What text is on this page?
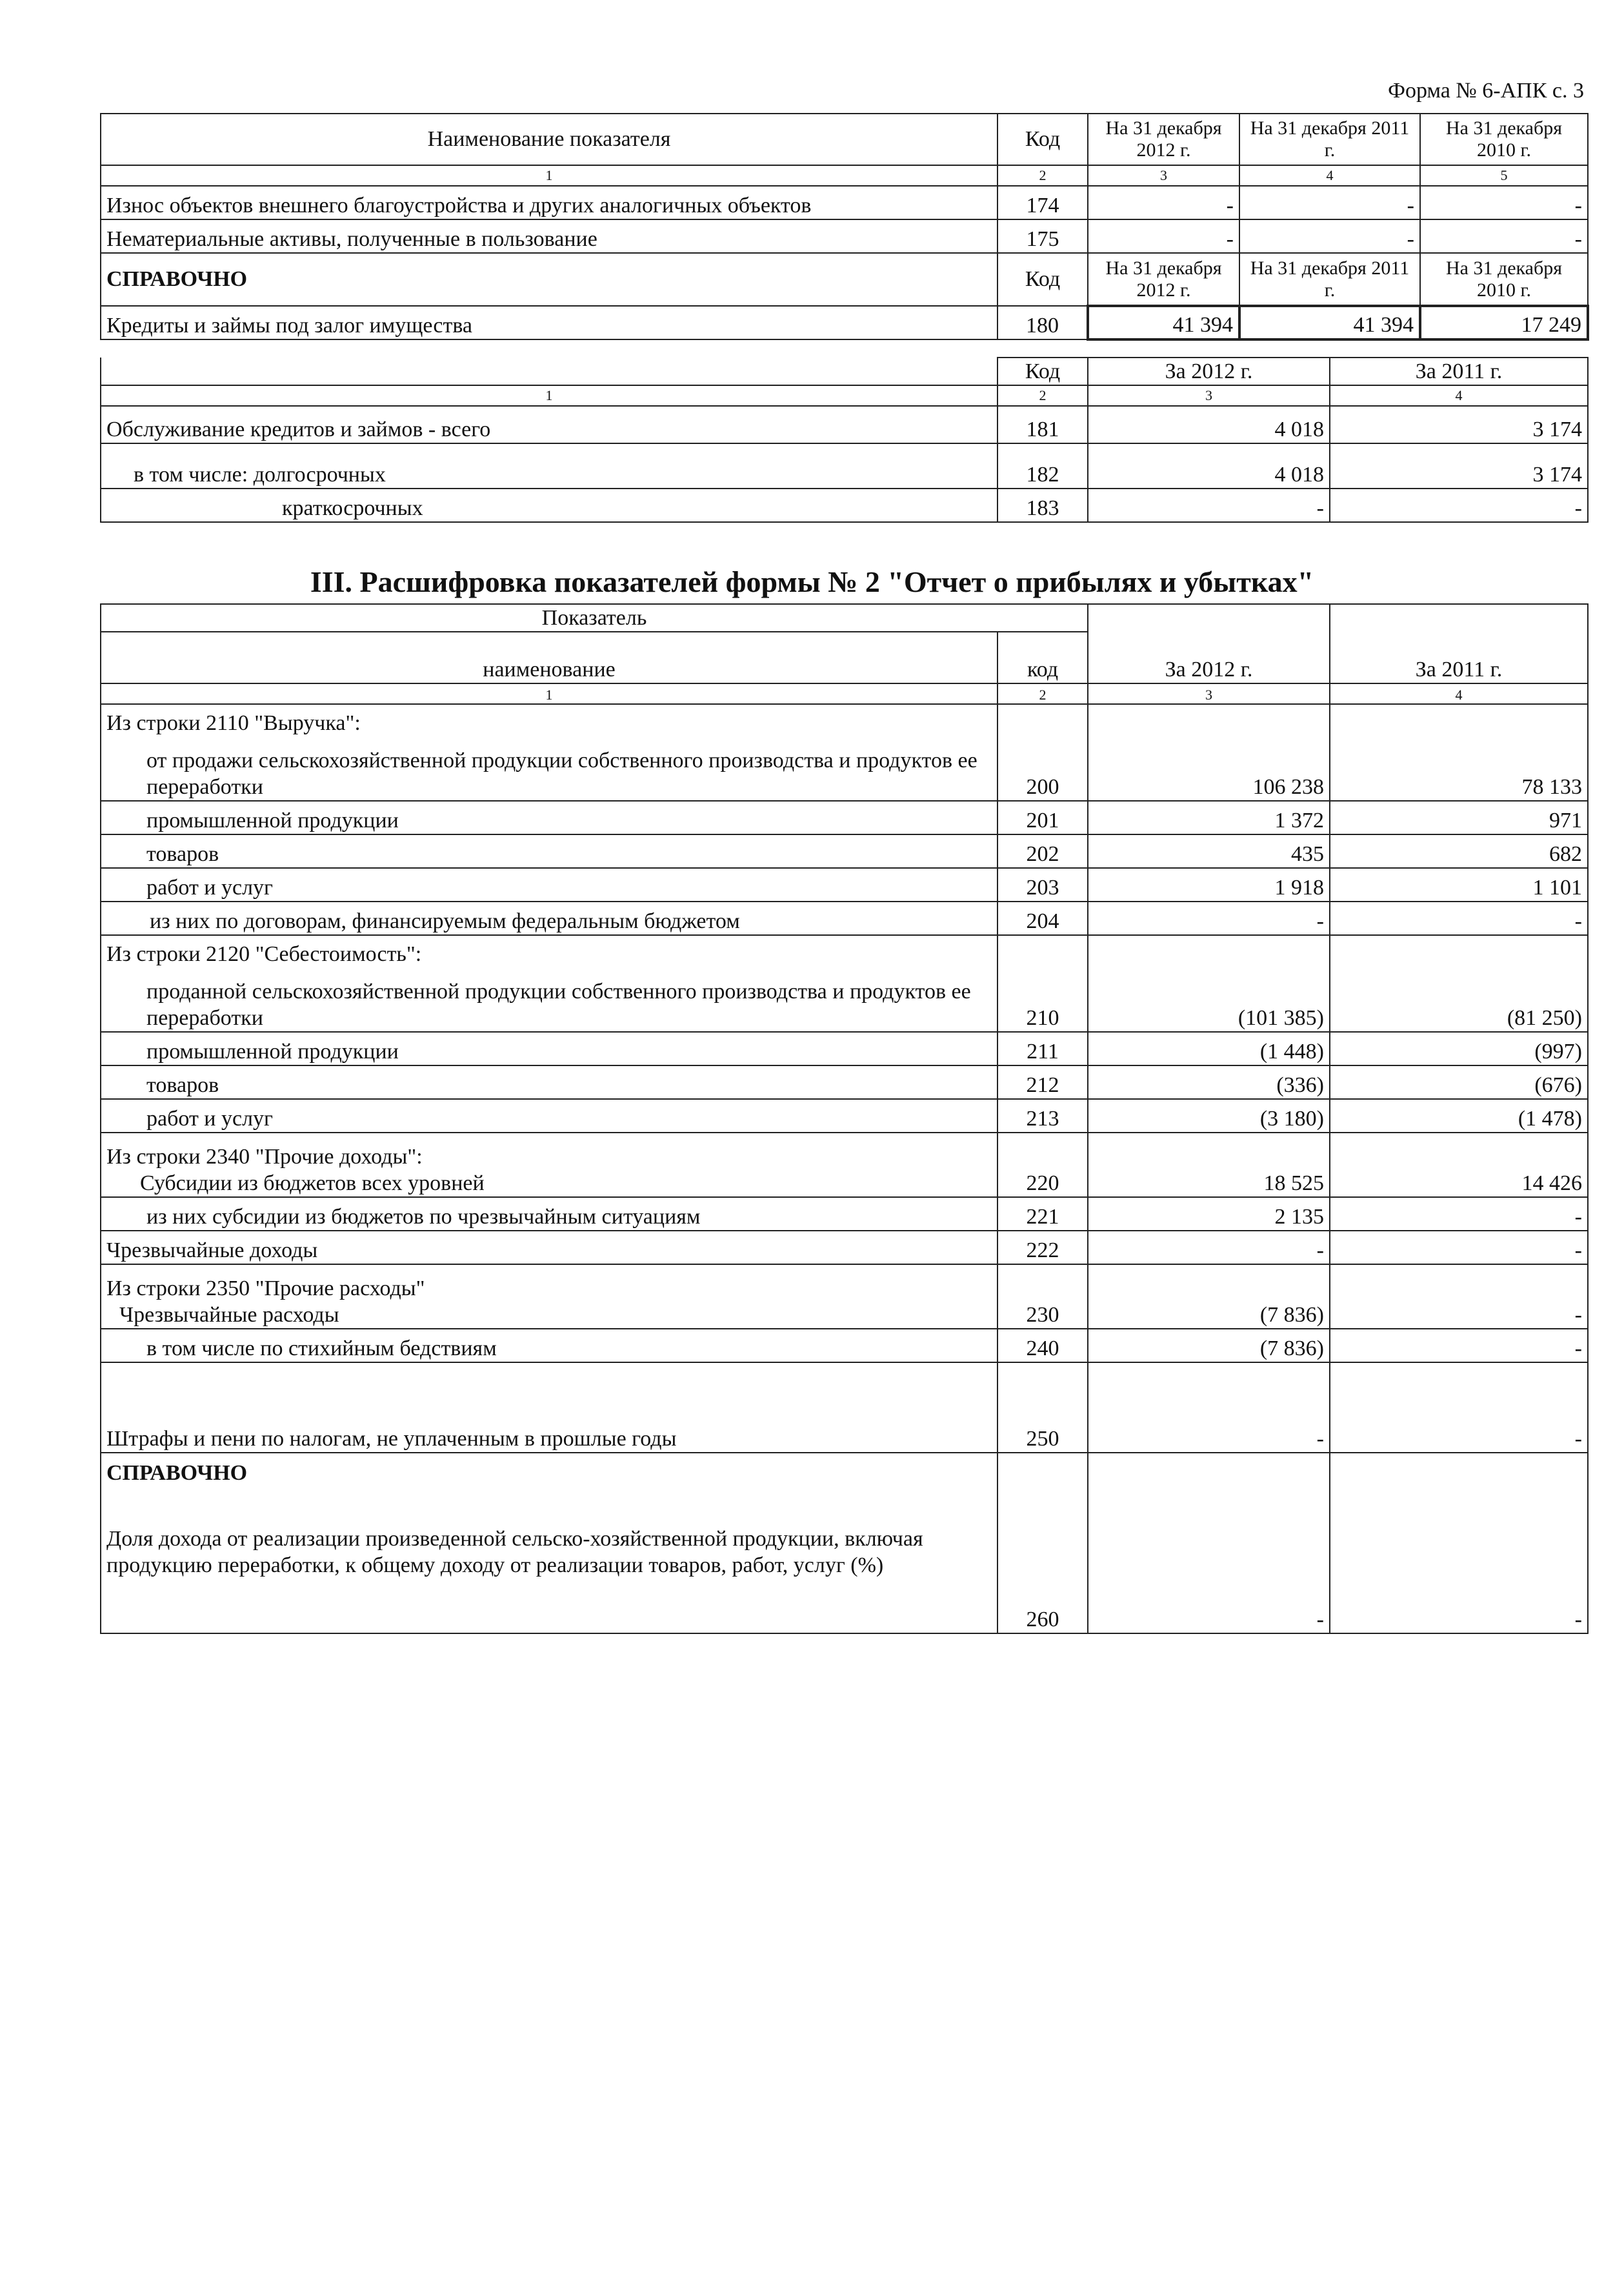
Форма № 6-АПК с. 3
Наименование показателя	Код	На 31 декабря 2012 г.	На 31 декабря 2011 г.	На 31 декабря 2010 г.
1	2	3	4	5
Износ объектов внешнего благоустройства и других аналогичных объектов	174	-	-	-
Нематериальные активы, полученные в пользование	175	-	-	-
СПРАВОЧНО	Код	На 31 декабря 2012 г.	На 31 декабря 2011 г.	На 31 декабря 2010 г.
Кредиты и займы под залог имущества	180	41 394	41 394	17 249
	Код	За 2012 г.	За 2011 г.
1	2	3	4
Обслуживание кредитов и займов - всего	181	4 018	3 174
в том числе: долгосрочных	182	4 018	3 174
краткосрочных	183	-	-
III. Расшифровка показателей формы № 2 "Отчет о прибылях и убытках"
Показатель		За 2012 г.	За 2011 г.
наименование	код		
1	2	3	4
Из строки 2110 "Выручка":			
от продажи сельскохозяйственной продукции собственного производства и продуктов ее переработки	200	106 238	78 133
промышленной продукции	201	1 372	971
товаров	202	435	682
работ и услуг	203	1 918	1 101
из них по договорам, финансируемым федеральным бюджетом	204	-	-
Из строки 2120 "Себестоимость":			
проданной сельскохозяйственной продукции собственного производства и продуктов ее переработки	210	(101 385)	(81 250)
промышленной продукции	211	(1 448)	(997)
товаров	212	(336)	(676)
работ и услуг	213	(3 180)	(1 478)

Из строки 2340 "Прочие доходы":
Субсидии из бюджетов всех уровней	220	18 525	14 426
из них субсидии из бюджетов по чрезвычайным ситуациям	221	2 135	-
Чрезвычайные доходы	222	-	-

Из строки 2350 "Прочие расходы"
Чрезвычайные расходы	230	(7 836)	-
в том числе по стихийным бедствиям	240	(7 836)	-
Штрафы и пени по налогам, не уплаченным в прошлые годы	250	-	-

СПРАВОЧНО
Доля дохода от реализации произведенной сельско-хозяйственной продукции, включая продукцию переработки, к общему доходу от реализации товаров, работ, услуг (%)	260	-	-
